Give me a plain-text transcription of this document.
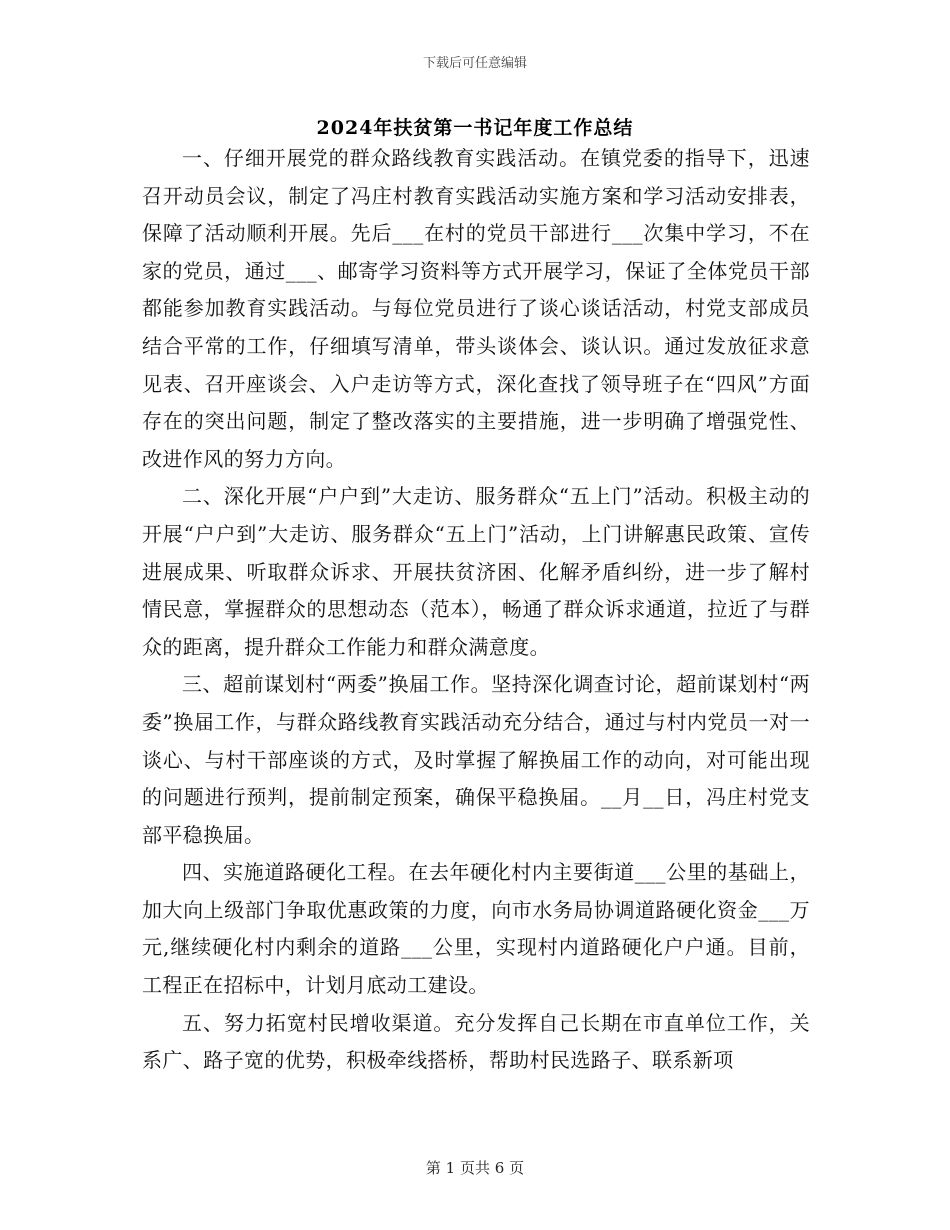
下载后可任意编辑
2024年扶贫第一书记年度工作总结

一、仔细开展党的群众路线教育实践活动。在镇党委的指导下，迅速召开动员会议，制定了冯庄村教育实践活动实施方案和学习活动安排表，保障了活动顺利开展。先后___在村的党员干部进行___次集中学习，不在家的党员，通过___、邮寄学习资料等方式开展学习，保证了全体党员干部都能参加教育实践活动。与每位党员进行了谈心谈话活动，村党支部成员结合平常的工作，仔细填写清单，带头谈体会、谈认识。通过发放征求意见表、召开座谈会、入户走访等方式，深化查找了领导班子在“四风”方面存在的突出问题，制定了整改落实的主要措施，进一步明确了增强党性、改进作风的努力方向。

二、深化开展“户户到”大走访、服务群众“五上门”活动。积极主动的开展“户户到”大走访、服务群众“五上门”活动，上门讲解惠民政策、宣传进展成果、听取群众诉求、开展扶贫济困、化解矛盾纠纷，进一步了解村情民意，掌握群众的思想动态（范本），畅通了群众诉求通道，拉近了与群众的距离，提升群众工作能力和群众满意度。

三、超前谋划村“两委”换届工作。坚持深化调查讨论，超前谋划村“两委”换届工作，与群众路线教育实践活动充分结合，通过与村内党员一对一谈心、与村干部座谈的方式，及时掌握了解换届工作的动向，对可能出现的问题进行预判，提前制定预案，确保平稳换届。__月__日，冯庄村党支部平稳换届。

四、实施道路硬化工程。在去年硬化村内主要街道___公里的基础上，加大向上级部门争取优惠政策的力度，向市水务局协调道路硬化资金___万元,继续硬化村内剩余的道路___公里，实现村内道路硬化户户通。目前，工程正在招标中，计划月底动工建设。

五、努力拓宽村民增收渠道。充分发挥自己长期在市直单位工作，关系广、路子宽的优势，积极牵线搭桥，帮助村民选路子、联系新项

第 1 页共 6 页
